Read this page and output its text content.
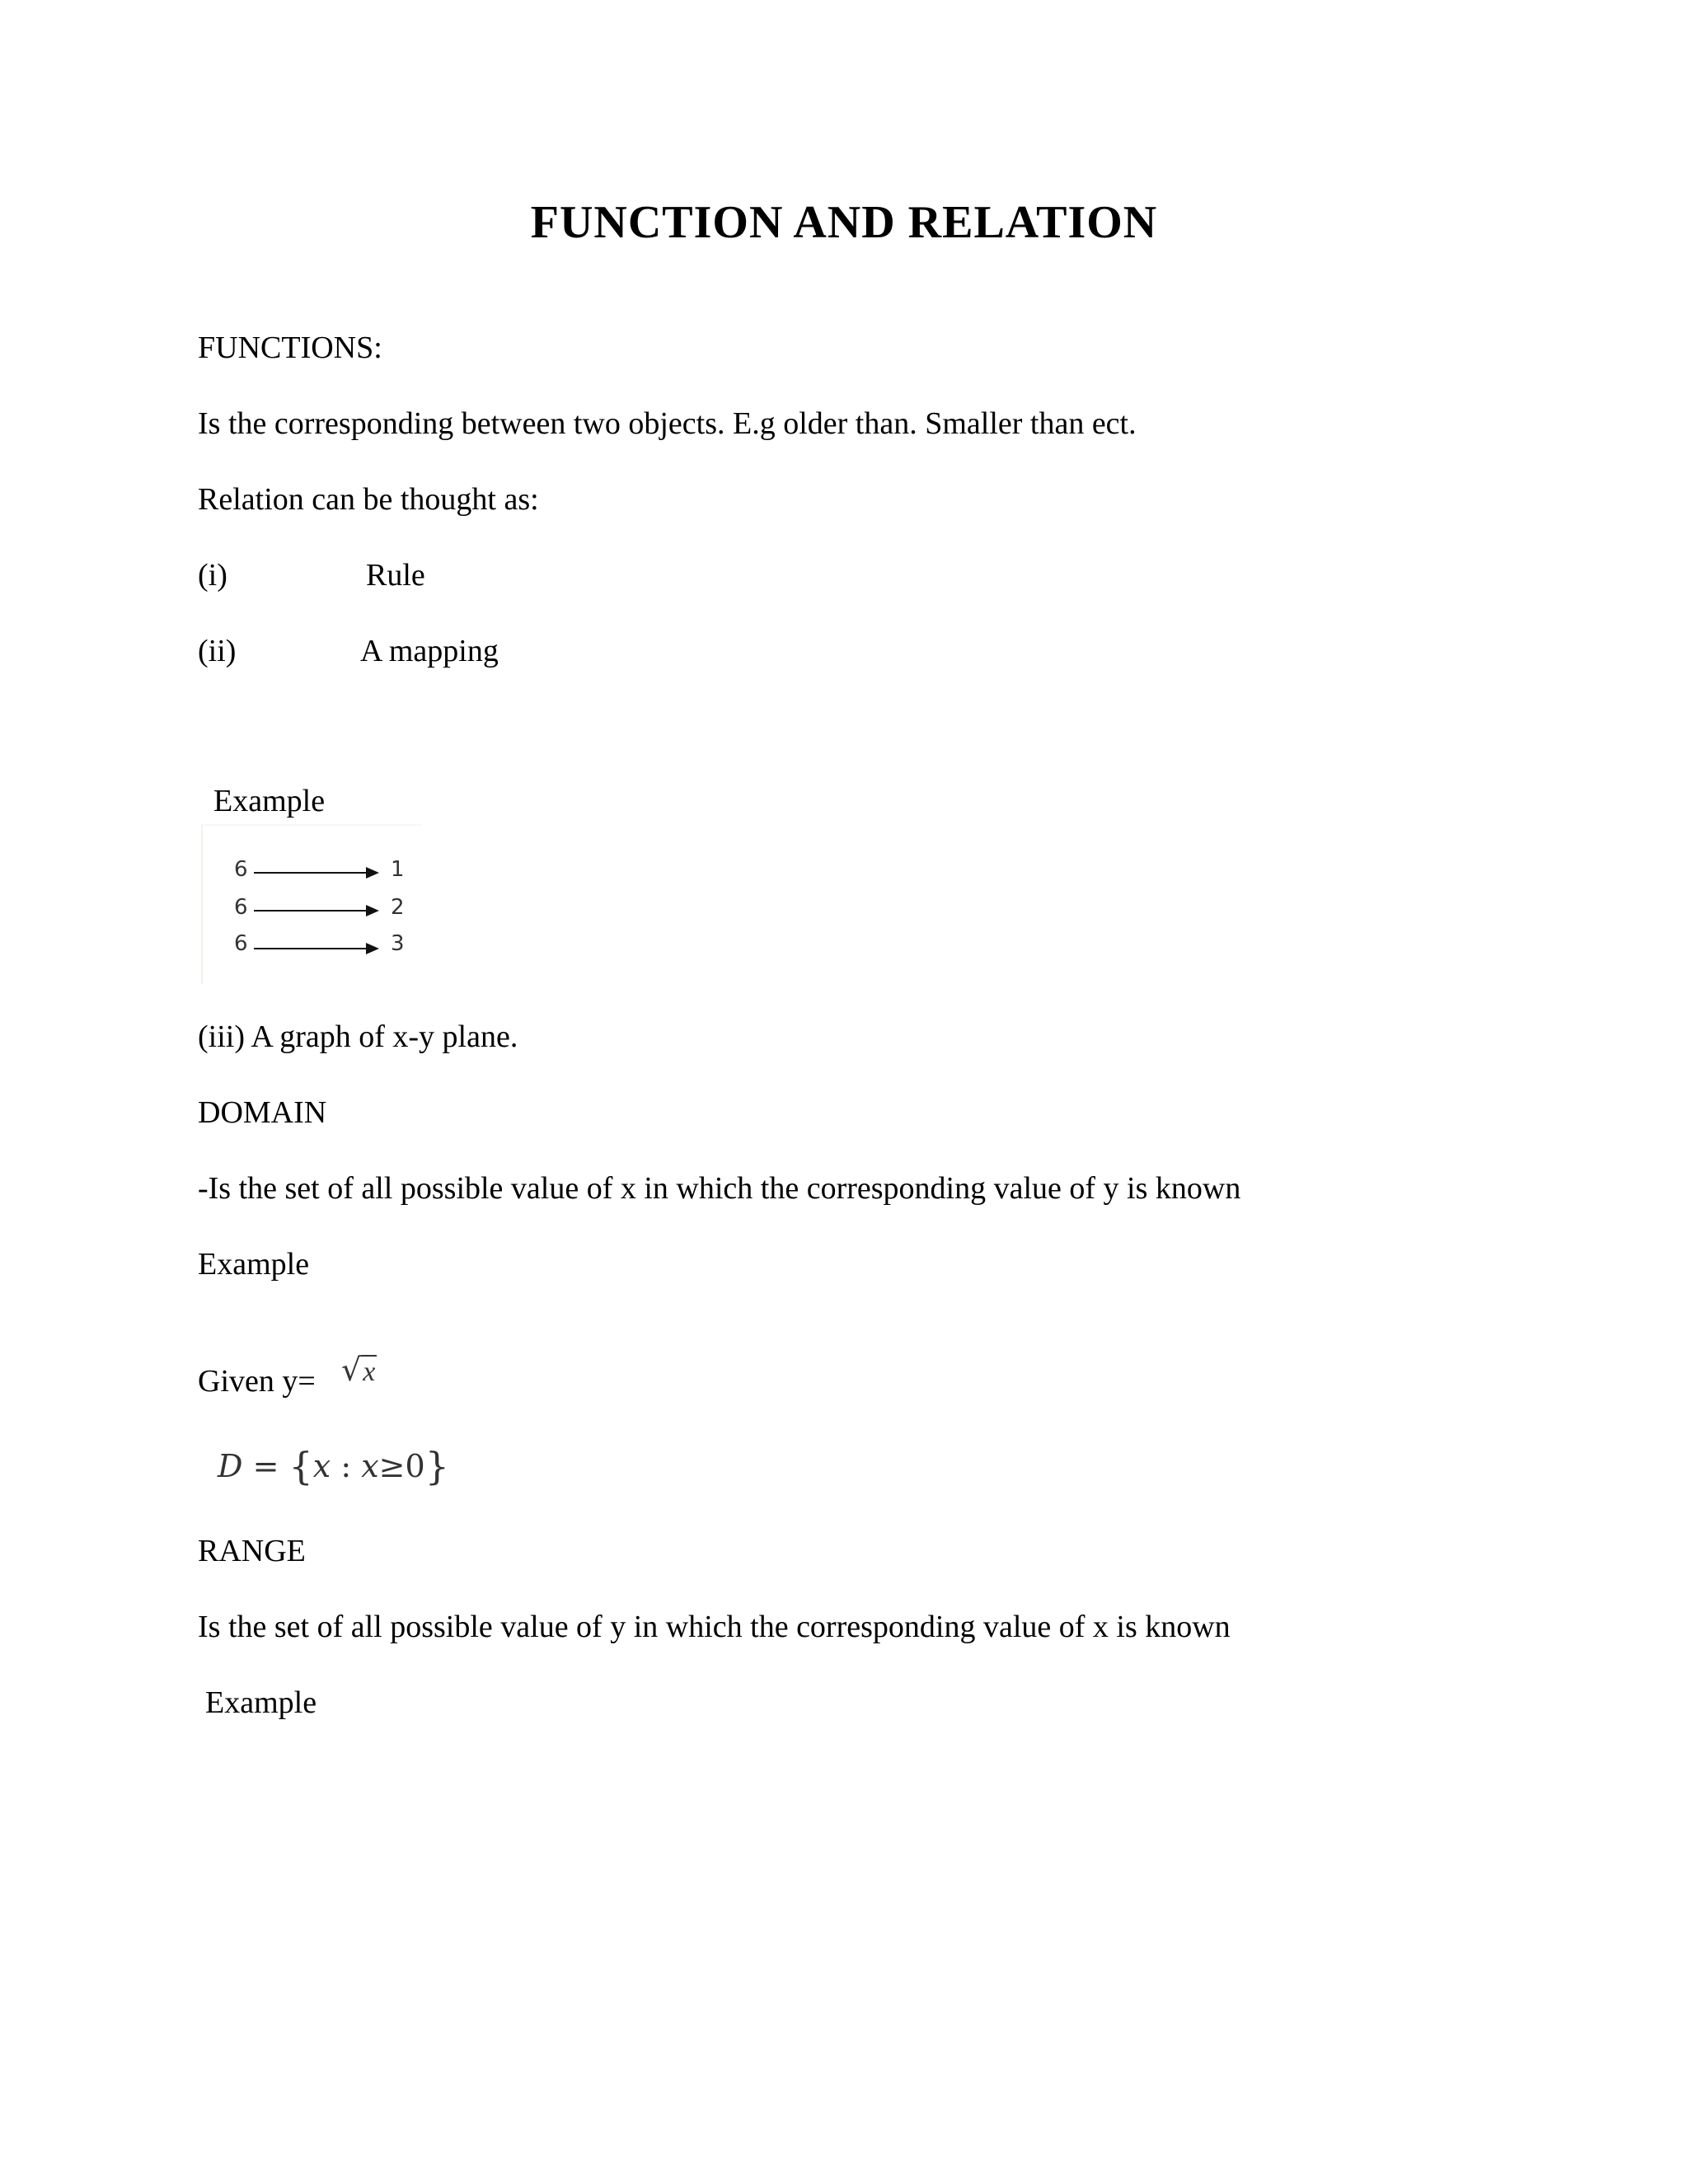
FUNCTION AND RELATION
FUNCTIONS:
Is the corresponding between two objects. E.g older than. Smaller than ect.
Relation can be thought as:
(i)	Rule
(ii)	A mapping
Example
6	1
6	2
6	3
(iii) A graph of x-y plane.
DOMAIN
-Is the set of all possible value of x in which the corresponding value of y is known
Example
Given y= √x
D = {x : x≥0}
RANGE
Is the set of all possible value of y in which the corresponding value of x is known
Example
